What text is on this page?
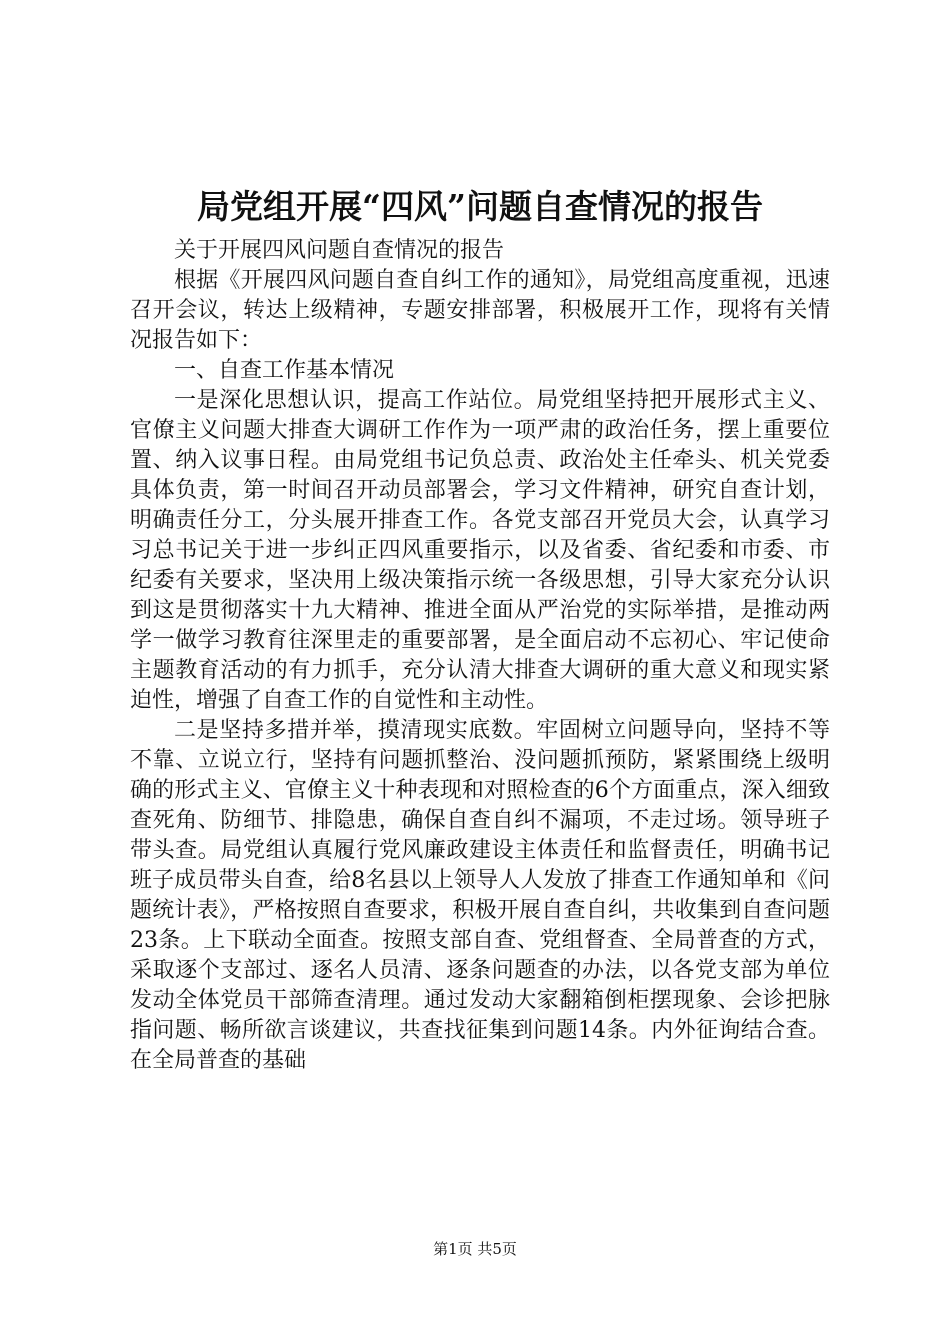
局党组开展“四风”问题自查情况的报告

关于开展四风问题自查情况的报告

根据《开展四风问题自查自纠工作的通知》，局党组高度重视，迅速召开会议，转达上级精神，专题安排部署，积极展开工作，现将有关情况报告如下：

一、自查工作基本情况

一是深化思想认识，提高工作站位。局党组坚持把开展形式主义、官僚主义问题大排查大调研工作作为一项严肃的政治任务，摆上重要位置、纳入议事日程。由局党组书记负总责、政治处主任牵头、机关党委具体负责，第一时间召开动员部署会，学习文件精神，研究自查计划，明确责任分工，分头展开排查工作。各党支部召开党员大会，认真学习习总书记关于进一步纠正四风重要指示，以及省委、省纪委和市委、市纪委有关要求，坚决用上级决策指示统一各级思想，引导大家充分认识到这是贯彻落实十九大精神、推进全面从严治党的实际举措，是推动两学一做学习教育往深里走的重要部署，是全面启动不忘初心、牢记使命主题教育活动的有力抓手，充分认清大排查大调研的重大意义和现实紧迫性，增强了自查工作的自觉性和主动性。

二是坚持多措并举，摸清现实底数。牢固树立问题导向，坚持不等不靠、立说立行，坚持有问题抓整治、没问题抓预防，紧紧围绕上级明确的形式主义、官僚主义十种表现和对照检查的6个方面重点，深入细致查死角、防细节、排隐患，确保自查自纠不漏项，不走过场。领导班子带头查。局党组认真履行党风廉政建设主体责任和监督责任，明确书记班子成员带头自查，给8名县以上领导人人发放了排查工作通知单和《问题统计表》，严格按照自查要求，积极开展自查自纠，共收集到自查问题23条。上下联动全面查。按照支部自查、党组督查、全局普查的方式，采取逐个支部过、逐名人员清、逐条问题查的办法，以各党支部为单位发动全体党员干部筛查清理。通过发动大家翻箱倒柜摆现象、会诊把脉指问题、畅所欲言谈建议，共查找征集到问题14条。内外征询结合查。在全局普查的基础

第1页 共5页
